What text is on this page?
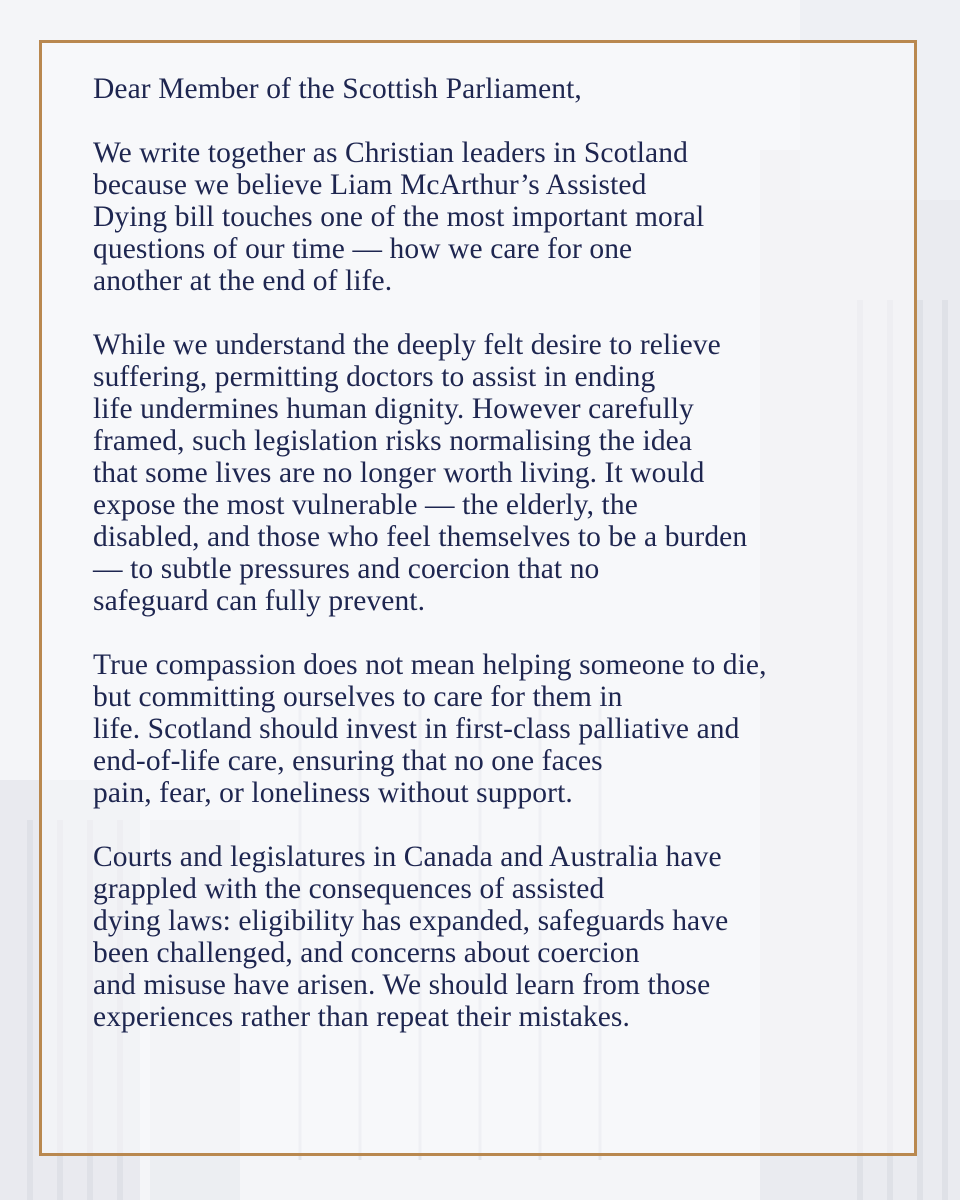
Dear Member of the Scottish Parliament,
We write together as Christian leaders in Scotland
because we believe Liam McArthur’s Assisted
Dying bill touches one of the most important moral
questions of our time — how we care for one
another at the end of life.
While we understand the deeply felt desire to relieve
suffering, permitting doctors to assist in ending
life undermines human dignity. However carefully
framed, such legislation risks normalising the idea
that some lives are no longer worth living. It would
expose the most vulnerable — the elderly, the
disabled, and those who feel themselves to be a burden
— to subtle pressures and coercion that no
safeguard can fully prevent.
True compassion does not mean helping someone to die,
but committing ourselves to care for them in
life. Scotland should invest in first-class palliative and
end-of-life care, ensuring that no one faces
pain, fear, or loneliness without support.
Courts and legislatures in Canada and Australia have
grappled with the consequences of assisted
dying laws: eligibility has expanded, safeguards have
been challenged, and concerns about coercion
and misuse have arisen. We should learn from those
experiences rather than repeat their mistakes.
